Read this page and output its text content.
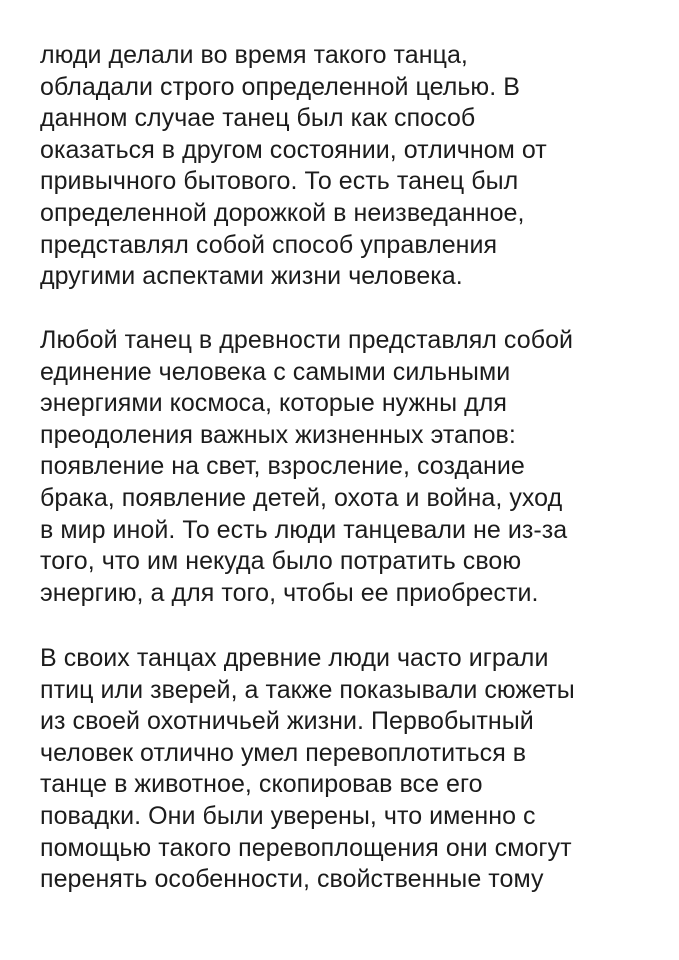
люди делали во время такого танца,
обладали строго определенной целью. В
данном случае танец был как способ
оказаться в другом состоянии, отличном от
привычного бытового. То есть танец был
определенной дорожкой в неизведанное,
представлял собой способ управления
другими аспектами жизни человека.

Любой танец в древности представлял собой
единение человека с самыми сильными
энергиями космоса, которые нужны для
преодоления важных жизненных этапов:
появление на свет, взросление, создание
брака, появление детей, охота и война, уход
в мир иной. То есть люди танцевали не из-за
того, что им некуда было потратить свою
энергию, а для того, чтобы ее приобрести.

В своих танцах древние люди часто играли
птиц или зверей, а также показывали сюжеты
из своей охотничьей жизни. Первобытный
человек отлично умел перевоплотиться в
танце в животное, скопировав все его
повадки. Они были уверены, что именно с
помощью такого перевоплощения они смогут
перенять особенности, свойственные тому
